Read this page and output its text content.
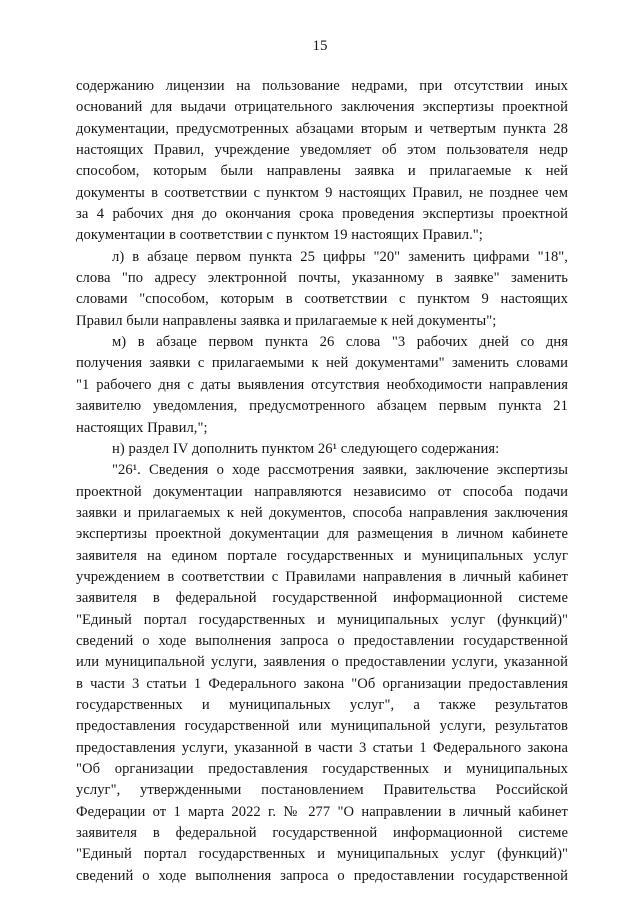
15
содержанию лицензии на пользование недрами, при отсутствии иных
оснований для выдачи отрицательного заключения экспертизы проектной
документации, предусмотренных абзацами вторым и четвертым пункта 28
настоящих Правил, учреждение уведомляет об этом пользователя недр
способом, которым были направлены заявка и прилагаемые к ней
документы в соответствии с пунктом 9 настоящих Правил, не позднее чем
за 4 рабочих дня до окончания срока проведения экспертизы проектной
документации в соответствии с пунктом 19 настоящих Правил.";
л) в абзаце первом пункта 25 цифры "20" заменить цифрами "18",
слова "по адресу электронной почты, указанному в заявке" заменить
словами "способом, которым в соответствии с пунктом 9 настоящих
Правил были направлены заявка и прилагаемые к ней документы";
м) в абзаце первом пункта 26 слова "3 рабочих дней со дня
получения заявки с прилагаемыми к ней документами" заменить словами
"1 рабочего дня с даты выявления отсутствия необходимости направления
заявителю уведомления, предусмотренного абзацем первым пункта 21
настоящих Правил,";
н) раздел IV дополнить пунктом 26¹ следующего содержания:
"26¹. Сведения о ходе рассмотрения заявки, заключение экспертизы
проектной документации направляются независимо от способа подачи
заявки и прилагаемых к ней документов, способа направления заключения
экспертизы проектной документации для размещения в личном кабинете
заявителя на едином портале государственных и муниципальных услуг
учреждением в соответствии с Правилами направления в личный кабинет
заявителя в федеральной государственной информационной системе
"Единый портал государственных и муниципальных услуг (функций)"
сведений о ходе выполнения запроса о предоставлении государственной
или муниципальной услуги, заявления о предоставлении услуги, указанной
в части 3 статьи 1 Федерального закона "Об организации предоставления
государственных и муниципальных услуг", а также результатов
предоставления государственной или муниципальной услуги, результатов
предоставления услуги, указанной в части 3 статьи 1 Федерального закона
"Об организации предоставления государственных и муниципальных
услуг", утвержденными постановлением Правительства Российской
Федерации от 1 марта 2022 г. № 277 "О направлении в личный кабинет
заявителя в федеральной государственной информационной системе
"Единый портал государственных и муниципальных услуг (функций)"
сведений о ходе выполнения запроса о предоставлении государственной
